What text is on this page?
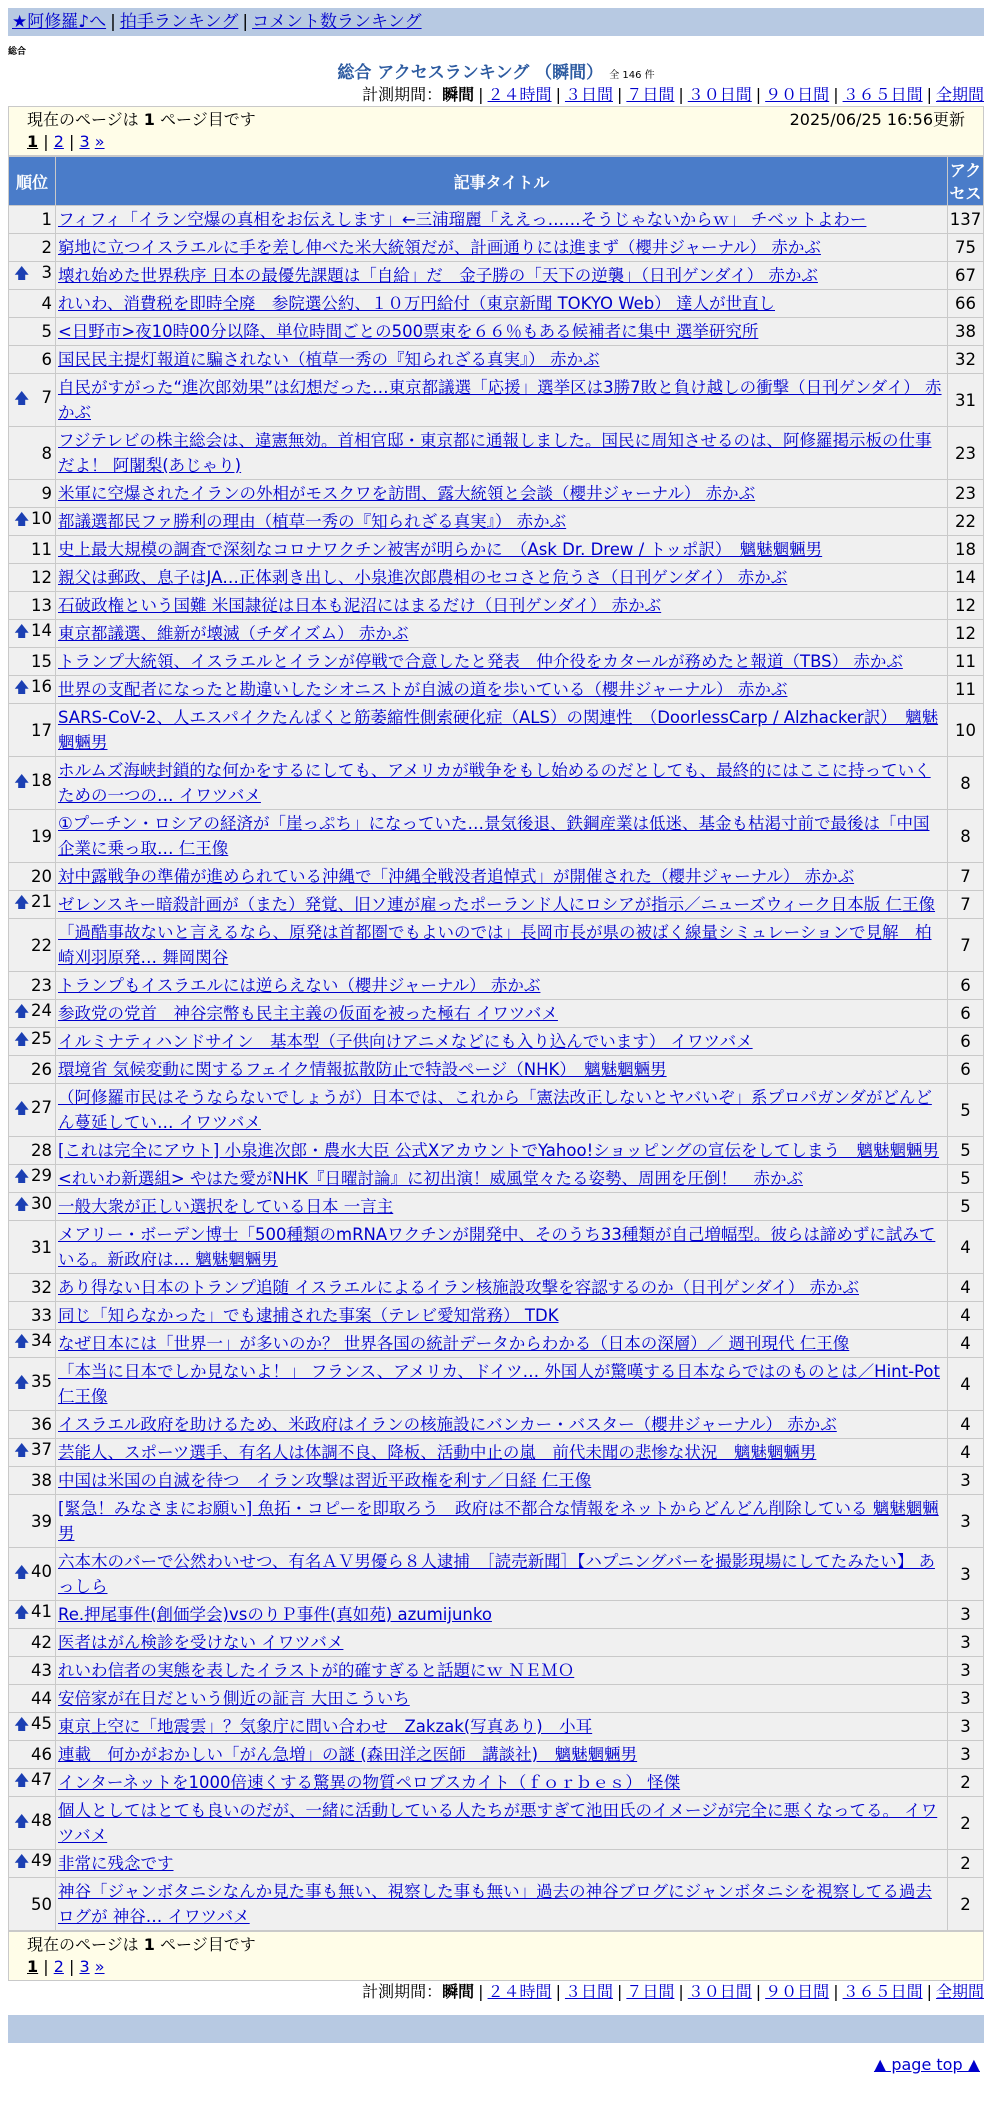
★阿修羅♪へ | 拍手ランキング | コメント数ランキング
総合
総合 アクセスランキング （瞬間） 全 146 件
計測期間：瞬間 | ２４時間 | ３日間 | ７日間 | ３０日間 | ９０日間 | ３６５日間 | 全期間
現在のページは 1 ページ目です	2025/06/25 16:56更新
1 | 2 | 3 »
順位	記事タイトル	アクセス
1	フィフィ「イラン空爆の真相をお伝えします」←三浦瑠麗「ええっ……そうじゃないからｗ」 チベットよわー	137
2	窮地に立つイスラエルに手を差し伸べた米大統領だが、計画通りには進まず（櫻井ジャーナル） 赤かぶ	75

🡅 3	壊れ始めた世界秩序 日本の最優先課題は「自給」だ　金子勝の「天下の逆襲」（日刊ゲンダイ） 赤かぶ	67
4	れいわ、消費税を即時全廃　参院選公約、１０万円給付（東京新聞 TOKYO Web） 達人が世直し	66
5	<日野市>夜10時00分以降、単位時間ごとの500票束を６６％もある候補者に集中 選挙研究所	38
6	国民民主提灯報道に騙されない（植草一秀の『知られざる真実』） 赤かぶ	32

🡅 7	自民がすがった“進次郎効果”は幻想だった…東京都議選「応援」選挙区は3勝7敗と負け越しの衝撃（日刊ゲンダイ） 赤かぶ	31
8	フジテレビの株主総会は、違憲無効。首相官邸・東京都に通報しました。国民に周知させるのは、阿修羅掲示板の仕事だよ！ 阿闍梨(あじゃり)	23
9	米軍に空爆されたイランの外相がモスクワを訪問、露大統領と会談（櫻井ジャーナル） 赤かぶ	23

🡅 10	都議選都民ファ勝利の理由（植草一秀の『知られざる真実』） 赤かぶ	22
11	史上最大規模の調査で深刻なコロナワクチン被害が明らかに　（Ask Dr. Drew / トッポ訳）　魑魅魍魎男	18
12	親父は郵政、息子はJA…正体剥き出し、小泉進次郎農相のセコさと危うさ（日刊ゲンダイ） 赤かぶ	14
13	石破政権という国難 米国隷従は日本も泥沼にはまるだけ（日刊ゲンダイ） 赤かぶ	12

🡅 14	東京都議選、維新が壊滅（チダイズム） 赤かぶ	12
15	トランプ大統領、イスラエルとイランが停戦で合意したと発表　仲介役をカタールが務めたと報道（TBS） 赤かぶ	11

🡅 16	世界の支配者になったと勘違いしたシオニストが自滅の道を歩いている（櫻井ジャーナル） 赤かぶ	11
17	SARS-CoV-2、人エスパイクたんぱくと筋萎縮性側索硬化症（ALS）の関連性　（DoorlessCarp / Alzhacker訳）　魑魅魍魎男	10

🡅 18	ホルムズ海峡封鎖的な何かをするにしても、アメリカが戦争をもし始めるのだとしても、最終的にはここに持っていくための一つの… イワツバメ	8
19	①プーチン・ロシアの経済が「崖っぷち」になっていた…景気後退、鉄鋼産業は低迷、基金も枯渇寸前で最後は「中国企業に乗っ取… 仁王像	8
20	対中露戦争の準備が進められている沖縄で「沖縄全戦没者追悼式」が開催された（櫻井ジャーナル） 赤かぶ	7

🡅 21	ゼレンスキー暗殺計画が（また）発覚、旧ソ連が雇ったポーランド人にロシアが指示／ニューズウィーク日本版 仁王像	7
22	「過酷事故ないと言えるなら、原発は首都圏でもよいのでは」長岡市長が県の被ばく線量シミュレーションで見解　柏崎刈羽原発… 舞岡関谷	7
23	トランプもイスラエルには逆らえない（櫻井ジャーナル） 赤かぶ	6

🡅 24	参政党の党首　神谷宗幣も民主主義の仮面を被った極右 イワツバメ	6

🡅 25	イルミナティハンドサイン　基本型（子供向けアニメなどにも入り込んでいます） イワツバメ	6
26	環境省 気候変動に関するフェイク情報拡散防止で特設ページ（NHK）　魑魅魍魎男	6

🡅 27	（阿修羅市民はそうならないでしょうが）日本では、これから「憲法改正しないとヤバいぞ」系プロパガンダがどんどん蔓延してい… イワツバメ	5
28	[これは完全にアウト] 小泉進次郎・農水大臣 公式XアカウントでYahoo!ショッピングの宣伝をしてしまう　魑魅魍魎男	5

🡅 29	<れいわ新選組> やはた愛がNHK『日曜討論』に初出演！威風堂々たる姿勢、周囲を圧倒！　赤かぶ	5

🡅 30	一般大衆が正しい選択をしている日本 一言主	5
31	メアリー・ボーデン博士「500種類のmRNAワクチンが開発中、そのうち33種類が自己増幅型。彼らは諦めずに試みている。新政府は… 魑魅魍魎男	4
32	あり得ない日本のトランプ追随 イスラエルによるイラン核施設攻撃を容認するのか（日刊ゲンダイ） 赤かぶ	4
33	同じ「知らなかった」でも逮捕された事案（テレビ愛知常務） TDK	4

🡅 34	なぜ日本には「世界一」が多いのか？ 世界各国の統計データからわかる（日本の深層）／ 週刊現代 仁王像	4

🡅 35	「本当に日本でしか見ないよ！」 フランス、アメリカ、ドイツ… 外国人が驚嘆する日本ならではのものとは／Hint-Pot 仁王像	4
36	イスラエル政府を助けるため、米政府はイランの核施設にバンカー・バスター（櫻井ジャーナル） 赤かぶ	4

🡅 37	芸能人、スポーツ選手、有名人は体調不良、降板、活動中止の嵐　前代未聞の悲惨な状況　魑魅魍魎男	4
38	中国は米国の自滅を待つ　イラン攻撃は習近平政権を利す／日経 仁王像	3
39	[緊急！みなさまにお願い] 魚拓・コピーを即取ろう　政府は不都合な情報をネットからどんどん削除している 魑魅魍魎男	3

🡅 40	六本木のバーで公然わいせつ、有名ＡＶ男優ら８人逮捕　［読売新聞］【ハプニングバーを撮影現場にしてたみたい】 あっしら	3

🡅 41	Re.押尾事件(創価学会)vsのりＰ事件(真如苑) azumijunko	3
42	医者はがん検診を受けない イワツバメ	3
43	れいわ信者の実態を表したイラストが的確すぎると話題にｗ ＮＥＭＯ	3
44	安倍家が在日だという側近の証言 大田こういち	3

🡅 45	東京上空に「地震雲」？気象庁に問い合わせ　Zakzak(写真あり)　小耳	3
46	連載　何かがおかしい「がん急増」の謎 (森田洋之医師　講談社)　魑魅魍魎男	3

🡅 47	インターネットを1000倍速くする驚異の物質ペロブスカイト（ｆｏｒｂｅｓ） 怪傑	2

🡅 48	個人としてはとても良いのだが、一緒に活動している人たちが悪すぎて池田氏のイメージが完全に悪くなってる。 イワツバメ	2

🡅 49	非常に残念です	2
50	神谷「ジャンボタニシなんか見た事も無い、視察した事も無い」過去の神谷ブログにジャンボタニシを視察してる過去ログが 神谷… イワツバメ	2
現在のページは 1 ページ目です
1 | 2 | 3 »
計測期間：瞬間 | ２４時間 | ３日間 | ７日間 | ３０日間 | ９０日間 | ３６５日間 | 全期間
▲ page top ▲
